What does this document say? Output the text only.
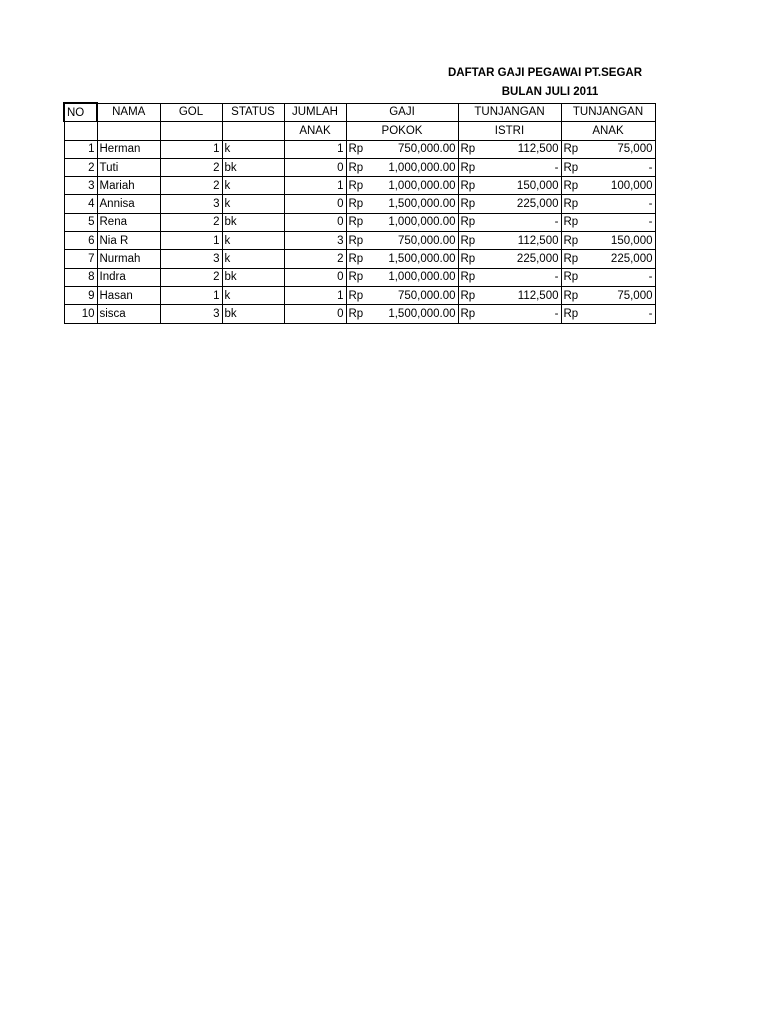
DAFTAR GAJI PEGAWAI PT.SEGAR
BULAN JULI 2011
NO	NAMA	GOL	STATUS	JUMLAH	GAJI	TUNJANGAN	TUNJANGAN
				ANAK	POKOK	ISTRI	ANAK
1	Herman	1	k	1	Rp 750,000.00	Rp 112,500	Rp 75,000

2	Tuti	2	bk	0	Rp 1,000,000.00	Rp -	Rp -

3	Mariah	2	k	1	Rp 1,000,000.00	Rp 150,000	Rp 100,000

4	Annisa	3	k	0	Rp 1,500,000.00	Rp 225,000	Rp -

5	Rena	2	bk	0	Rp 1,000,000.00	Rp -	Rp -

6	Nia R	1	k	3	Rp 750,000.00	Rp 112,500	Rp 150,000

7	Nurmah	3	k	2	Rp 1,500,000.00	Rp 225,000	Rp 225,000

8	Indra	2	bk	0	Rp 1,000,000.00	Rp -	Rp -

9	Hasan	1	k	1	Rp 750,000.00	Rp 112,500	Rp 75,000

10	sisca	3	bk	0	Rp 1,500,000.00	Rp -	Rp -
